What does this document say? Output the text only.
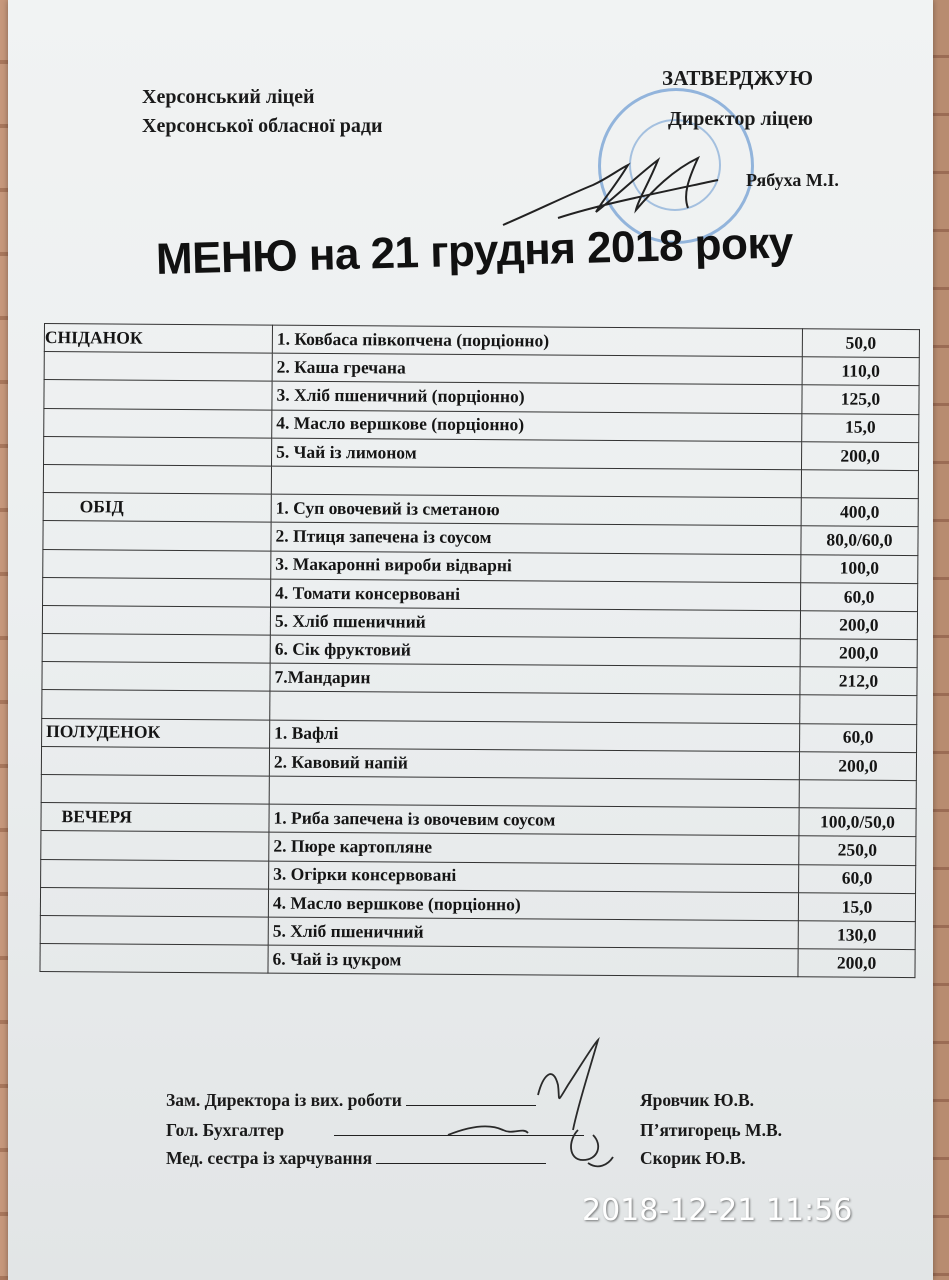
Херсонський ліцей
Херсонської обласної ради
ЗАТВЕРДЖУЮ
Директор ліцею
Рябуха М.І.
МЕНЮ на 21 грудня 2018 року
СНІДАНОК	1. Ковбаса півкопчена (порціонно)	50,0
	2. Каша гречана	110,0
	3. Хліб пшеничний (порціонно)	125,0
	4. Масло вершкове (порціонно)	15,0
	5. Чай із лимоном	200,0

ОБІД	1. Суп овочевий із сметаною	400,0
	2. Птиця запечена із соусом	80,0/60,0
	3. Макаронні вироби відварні	100,0
	4. Томати консервовані	60,0
	5. Хліб пшеничний	200,0
	6. Сік фруктовий	200,0
	7.Мандарин	212,0

ПОЛУДЕНОК	1. Вафлі	60,0
	2. Кавовий напій	200,0

ВЕЧЕРЯ	1. Риба запечена із овочевим соусом	100,0/50,0
	2. Пюре картопляне	250,0
	3. Огірки консервовані	60,0
	4. Масло вершкове (порціонно)	15,0
	5. Хліб пшеничний	130,0
	6. Чай із цукром	200,0
Зам. Директора із вих. роботи	Яровчик Ю.В.
Гол. Бухгалтер	П’ятигорець М.В.
Мед. сестра із харчування	Скорик Ю.В.
2018-12-21 11:56
